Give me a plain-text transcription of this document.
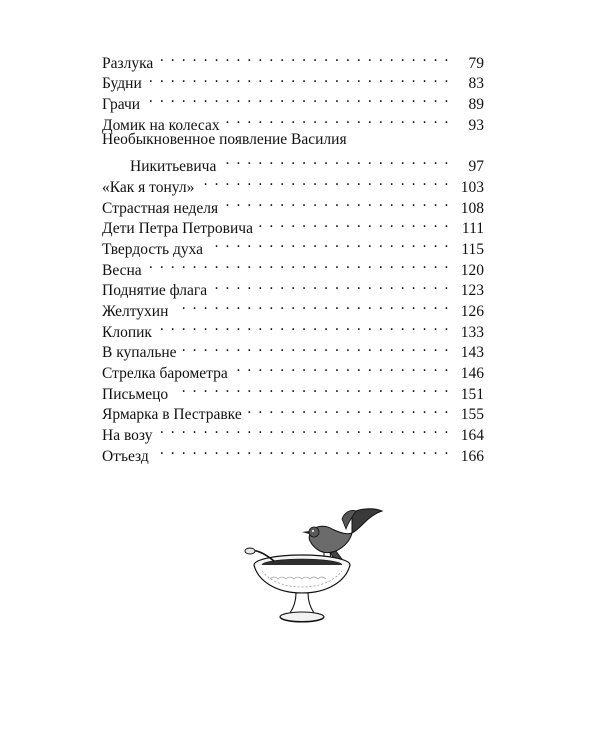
Разлука . . .	79
Будни . . .	83
Грачи . . .	89
Домик на колесах . . .	93
Необыкновенное появление Василия
Никитьевича . . .	97
«Как я тонул» . . .	103
Страстная неделя . . .	108
Дети Петра Петровича . . .	111
Твердость духа . . .	115
Весна . . .	120
Поднятие флага . . .	123
Желтухин . . .	126
Клопик . . .	133
В купальне . . .	143
Стрелка барометра . . .	146
Письмецо . . .	151
Ярмарка в Пестравке . . .	155
На возу . . .	164
Отъезд . . .	166
